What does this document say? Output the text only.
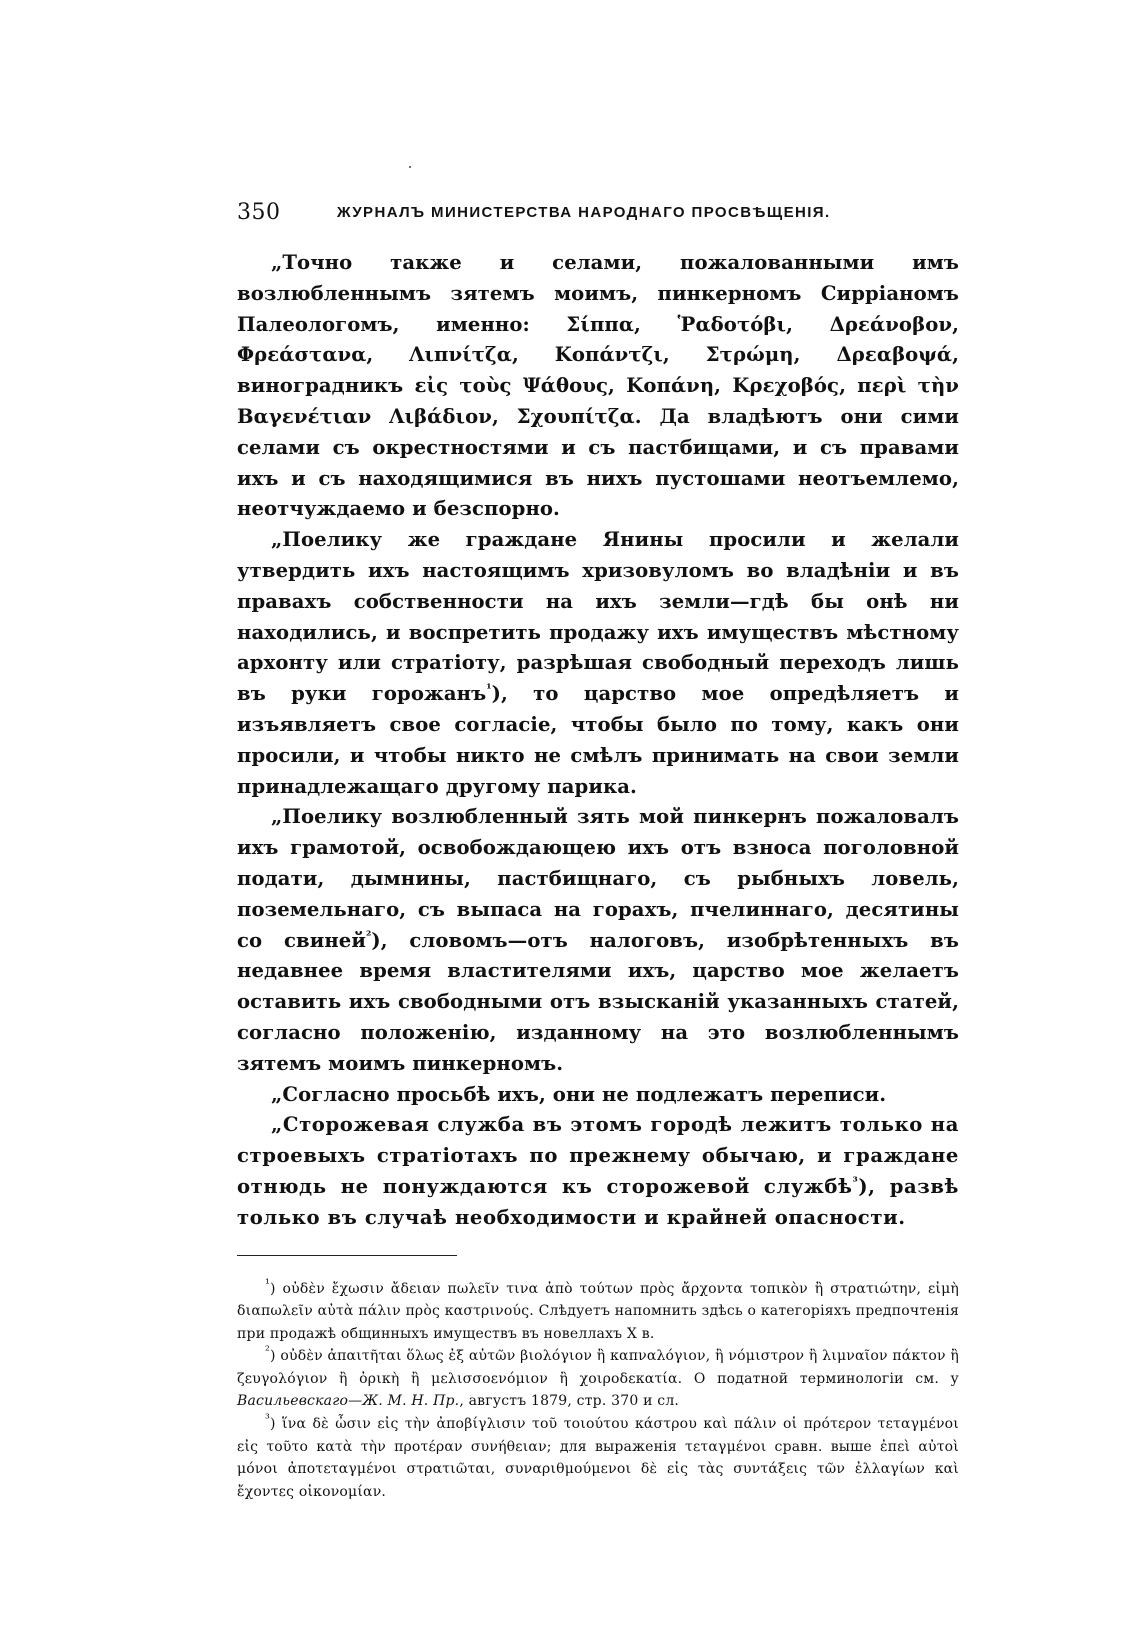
350	ЖУРНАЛЪ МИНИСТЕРСТВА НАРОДНАГО ПРОСВѢЩЕНІЯ.

„Точно также и селами, пожалованными имъ возлюбленнымъ зятемъ моимъ, пинкерномъ Сирріаномъ Палеологомъ, именно: Σίππα, Ῥαδοτόβι, Δρεάνοβον, Φρεάστανα, Λιπνίτζα, Κοπάντζι, Στρώμη, Δρεαβοψά, виноградникъ εἰς τοὺς Ψάθους, Κοπάνη, Κρεχοβός, περὶ τὴν Βαγενέτιαν Λιβάδιον, Σχουπίτζα. Да владѣютъ они сими селами съ окрестностями и съ пастбищами, и съ правами ихъ и съ находящимися въ нихъ пустошами неотъемлемо, неотчуждаемо и безспорно.

„Поелику же граждане Янины просили и желали утвердить ихъ настоящимъ хризовуломъ во владѣніи и въ правахъ собственности на ихъ земли—гдѣ бы онѣ ни находились, и воспретить продажу ихъ имуществъ мѣстному архонту или стратіоту, разрѣшая свободный переходъ лишь въ руки горожанъ$^{^1}$), то царство мое опредѣляетъ и изъявляетъ свое согласіе, чтобы было по тому, какъ они просили, и чтобы никто не смѣлъ принимать на свои земли принадлежащаго другому парика.

„Поелику возлюбленный зять мой пинкернъ пожаловалъ ихъ грамотой, освобождающею ихъ отъ взноса поголовной подати, дымнины, пастбищнаго, съ рыбныхъ ловель, поземельнаго, съ выпаса на горахъ, пчелиннаго, десятины со свиней$^{^2}$), словомъ—отъ налоговъ, изобрѣтенныхъ въ недавнее время властителями ихъ, царство мое желаетъ оставить ихъ свободными отъ взысканій указанныхъ статей, согласно положенію, изданному на это возлюбленнымъ зятемъ моимъ пинкерномъ.

„Согласно просьбѣ ихъ, они не подлежатъ переписи.

„Сторожевая служба въ этомъ городѣ лежитъ только на строевыхъ стратіотахъ по прежнему обычаю, и граждане отнюдь не понуждаются къ сторожевой службѣ$^{^3}$), развѣ только въ случаѣ необходимости и крайней опасности.

$^{^1}$) οὐδὲν ἔχωσιν ἄδειαν πωλεῖν τινα ἀπὸ τούτων πρὸς ἄρχοντα τοπικὸν ἢ στρατιώτην, εἰμὴ διαπωλεῖν αὐτὰ πάλιν πρὸς καστρινούς. Слѣдуетъ напомнить здѣсь о категоріяхъ предпочтенія при продажѣ общинныхъ имуществъ въ новеллахъ X в.

$^{^2}$) οὐδὲν ἀπαιτῆται ὅλως ἐξ αὐτῶν βιολόγιον ἢ καπναλόγιον, ἢ νόμιστρον ἢ λιμναῖον πάκτον ἢ ζευγολόγιον ἢ ὀρικὴ ἢ μελισσοενόμιον ἢ χοιροδεκατία. О податной терминологіи см. у Васильевскаго—Ж. М. Н. Пр., августъ 1879, стр. 370 и сл.

$^{^3}$) ἵνα δὲ ὦσιν εἰς τὴν ἀποβίγλισιν τοῦ τοιούτου κάστρου καὶ πάλιν οἱ πρότερον τεταγμένοι εἰς τοῦτο κατὰ τὴν προτέραν συνήθειαν; для выраженія τεταγμένοι сравн. выше ἐπεὶ αὐτοὶ μόνοι ἀποτεταγμένοι στρατιῶται, συναριθμούμενοι δὲ εἰς τὰς συντάξεις τῶν ἐλλαγίων καὶ ἔχοντες οἰκονομίαν.
